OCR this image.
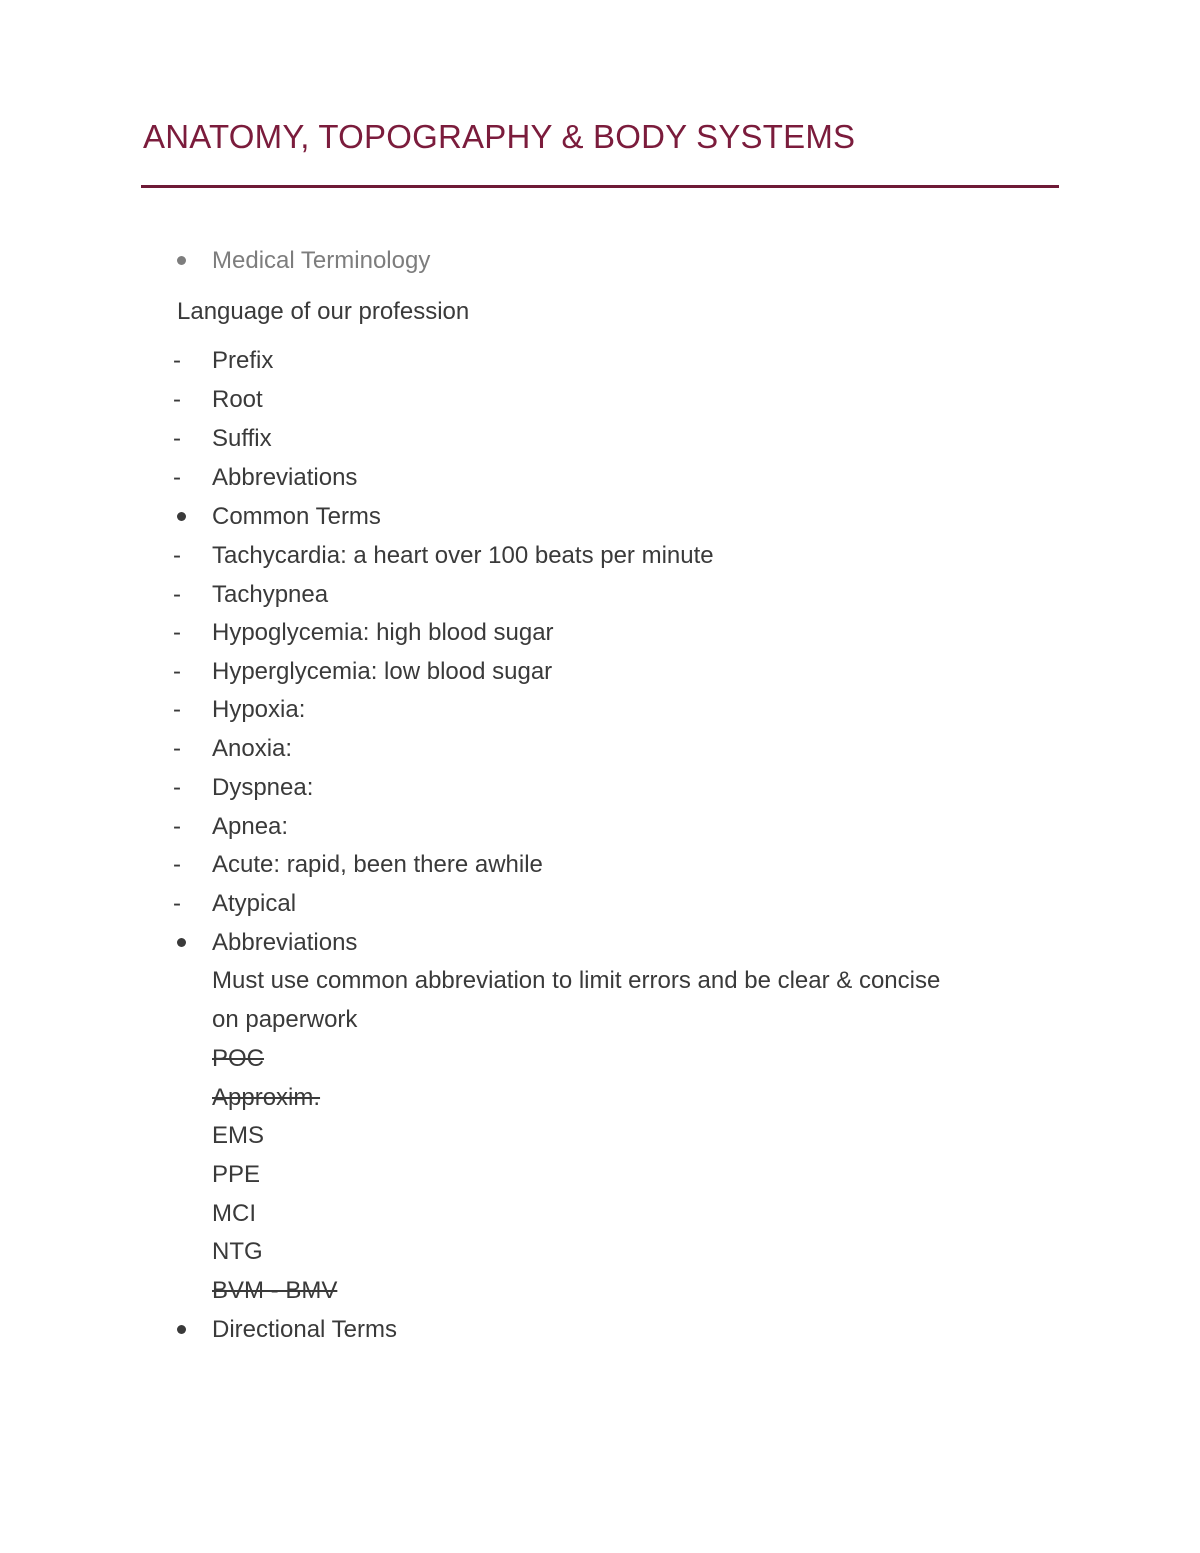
ANATOMY, TOPOGRAPHY & BODY SYSTEMS
Medical Terminology
Language of our profession
- Prefix
- Root
- Suffix
- Abbreviations
Common Terms
- Tachycardia: a heart over 100 beats per minute
- Tachypnea
- Hypoglycemia: high blood sugar
- Hyperglycemia: low blood sugar
- Hypoxia:
- Anoxia:
- Dyspnea:
- Apnea:
- Acute: rapid, been there awhile
- Atypical
Abbreviations
Must use common abbreviation to limit errors and be clear & concise
on paperwork
POC
Approxim.
EMS
PPE
MCI
NTG
BVM - BMV
Directional Terms
